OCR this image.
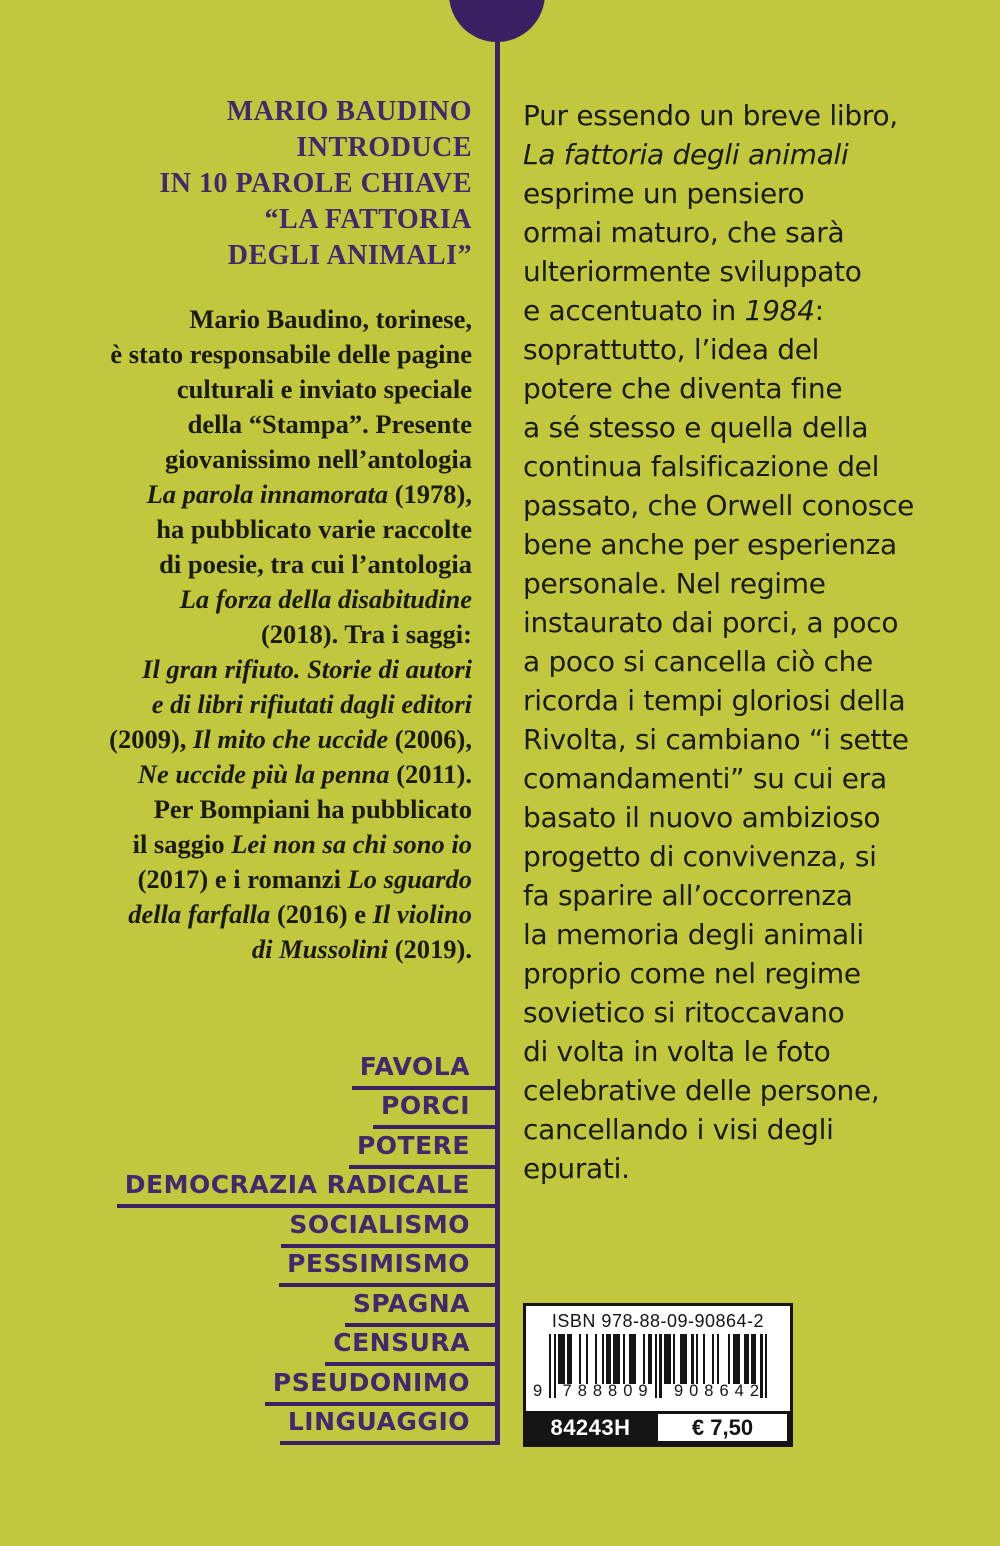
MARIO BAUDINO
INTRODUCE
IN 10 PAROLE CHIAVE
“LA FATTORIA
DEGLI ANIMALI”
Mario Baudino, torinese,
è stato responsabile delle pagine
culturali e inviato speciale
della “Stampa”. Presente
giovanissimo nell’antologia
La parola innamorata (1978),
ha pubblicato varie raccolte
di poesie, tra cui l’antologia
La forza della disabitudine
(2018). Tra i saggi:
Il gran rifiuto. Storie di autori
e di libri rifiutati dagli editori
(2009), Il mito che uccide (2006),
Ne uccide più la penna (2011).
Per Bompiani ha pubblicato
il saggio Lei non sa chi sono io
(2017) e i romanzi Lo sguardo
della farfalla (2016) e Il violino
di Mussolini (2019).
Pur essendo un breve libro,
La fattoria degli animali
esprime un pensiero
ormai maturo, che sarà
ulteriormente sviluppato
e accentuato in 1984:
soprattutto, l’idea del
potere che diventa fine
a sé stesso e quella della
continua falsificazione del
passato, che Orwell conosce
bene anche per esperienza
personale. Nel regime
instaurato dai porci, a poco
a poco si cancella ciò che
ricorda i tempi gloriosi della
Rivolta, si cambiano “i sette
comandamenti” su cui era
basato il nuovo ambizioso
progetto di convivenza, si
fa sparire all’occorrenza
la memoria degli animali
proprio come nel regime
sovietico si ritoccavano
di volta in volta le foto
celebrative delle persone,
cancellando i visi degli
epurati.
FAVOLA
PORCI
POTERE
DEMOCRAZIA RADICALE
SOCIALISMO
PESSIMISMO
SPAGNA
CENSURA
PSEUDONIMO
LINGUAGGIO
ISBN 978-88-09-90864-2
9 788809 908642
84243H	€ 7,50
